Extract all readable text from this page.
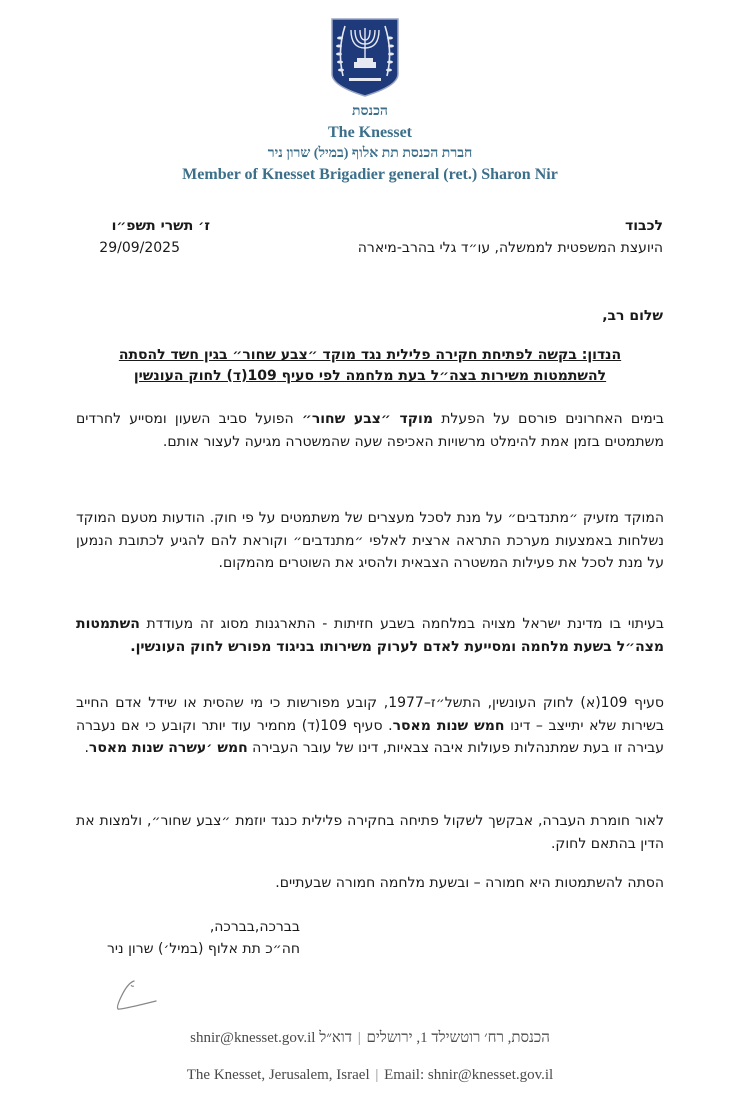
הכנסת
The Knesset
חברת הכנסת תת אלוף (במיל) שרון ניר
Member of Knesset Brigadier general (ret.) Sharon Nir
לכבוד
היועצת המשפטית לממשלה, עו״ד גלי בהרב-מיארה
ז׳ תשרי תשפ״ו
29/09/2025
שלום רב,
הנדון: בקשה לפתיחת חקירה פלילית נגד מוקד ״צבע שחור״ בגין חשד להסתה
להשתמטות משירות בצה״ל בעת מלחמה לפי סעיף 109(ד) לחוק העונשין
בימים האחרונים פורסם על הפעלת מוקד ״צבע שחור״ הפועל סביב השעון ומסייע לחרדים משתמטים בזמן אמת להימלט מרשויות האכיפה שעה שהמשטרה מגיעה לעצור אותם.
המוקד מזעיק ״מתנדבים״ על מנת לסכל מעצרים של משתמטים על פי חוק. הודעות מטעם המוקד נשלחות באמצעות מערכת התראה ארצית לאלפי ״מתנדבים״ וקוראת להם להגיע לכתובת הנמען על מנת לסכל את פעילות המשטרה הצבאית ולהסיג את השוטרים מהמקום.
בעיתוי בו מדינת ישראל מצויה במלחמה בשבע חזיתות - התארגנות מסוג זה מעודדת השתמטות מצה״ל בשעת מלחמה ומסייעת לאדם לערוק משירותו בניגוד מפורש לחוק העונשין.
סעיף 109(א) לחוק העונשין, התשל״ז–1977, קובע מפורשות כי מי שהסית או שידל אדם החייב בשירות שלא יתייצב – דינו חמש שנות מאסר. סעיף 109(ד) מחמיר עוד יותר וקובע כי אם נעברה עבירה זו בעת שמתנהלות פעולות איבה צבאיות, דינו של עובר העבירה חמש ׳עשרה שנות מאסר.
לאור חומרת העברה, אבקשך לשקול פתיחה בחקירה פלילית כנגד יוזמת ״צבע שחור״, ולמצות את הדין בהתאם לחוק.
הסתה להשתמטות היא חמורה – ובשעת מלחמה חמורה שבעתיים.
בברכה,בברכה,
חה״כ תת אלוף (במיל׳) שרון ניר
הכנסת, רח׳ רוטשילד 1, ירושלים | דוא״ל shnir@knesset.gov.il
The Knesset, Jerusalem, Israel | Email: shnir@knesset.gov.il
